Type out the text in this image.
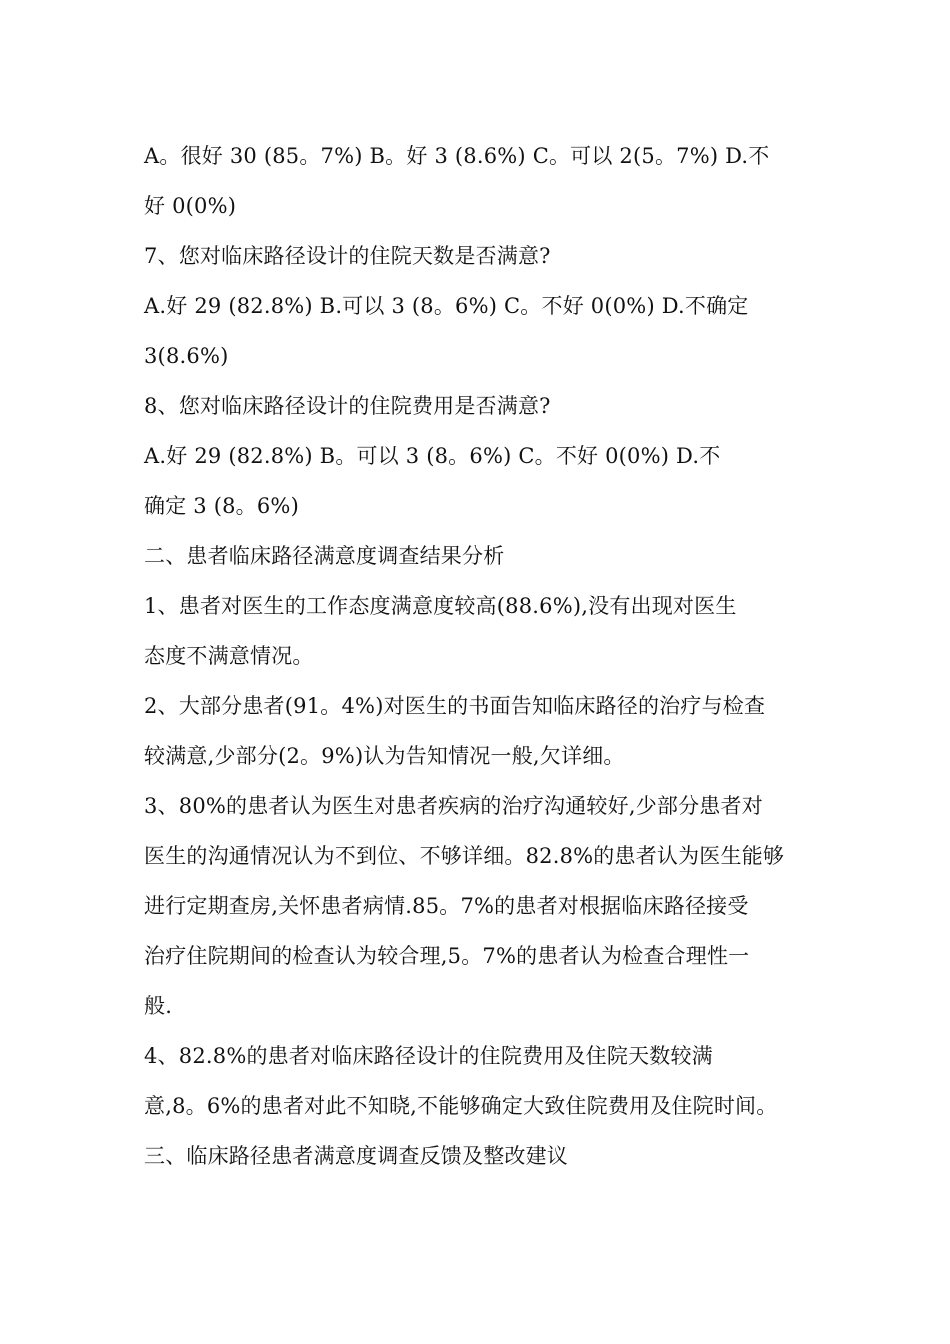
A。很好 30 (85。7%) B。好 3 (8.6%) C。可以 2(5。7%) D.不
好 0(0%)
7、您对临床路径设计的住院天数是否满意?
A.好 29 (82.8%) B.可以 3 (8。6%) C。不好 0(0%) D.不确定
3(8.6%)
8、您对临床路径设计的住院费用是否满意?
A.好 29 (82.8%) B。可以 3 (8。6%) C。不好 0(0%) D.不
确定 3 (8。6%)
二、患者临床路径满意度调查结果分析
1、患者对医生的工作态度满意度较高(88.6%),没有出现对医生
态度不满意情况。
2、大部分患者(91。4%)对医生的书面告知临床路径的治疗与检查
较满意,少部分(2。9%)认为告知情况一般,欠详细。
3、80%的患者认为医生对患者疾病的治疗沟通较好,少部分患者对
医生的沟通情况认为不到位、不够详细。82.8%的患者认为医生能够
进行定期查房,关怀患者病情.85。7%的患者对根据临床路径接受
治疗住院期间的检查认为较合理,5。7%的患者认为检查合理性一
般.
4、82.8%的患者对临床路径设计的住院费用及住院天数较满
意,8。6%的患者对此不知晓,不能够确定大致住院费用及住院时间。
三、临床路径患者满意度调查反馈及整改建议
